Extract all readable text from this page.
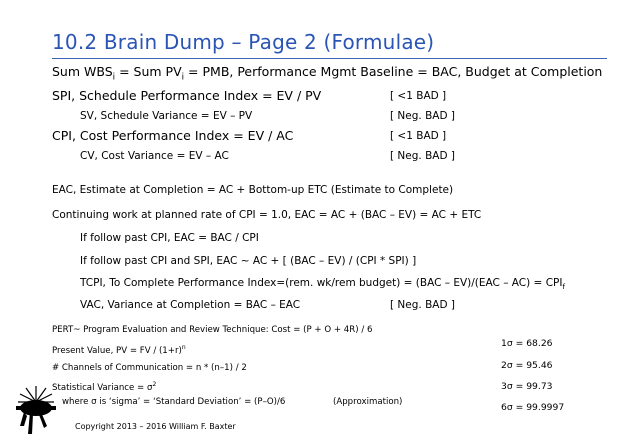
10.2 Brain Dump – Page 2 (Formulae)
Sum $WBS_i$ = Sum $PV_i$ = PMB, Performance Mgmt Baseline = BAC, Budget at Completion
SPI, Schedule Performance Index = EV / PV	[ <1 BAD ]
SV, Schedule Variance = EV – PV	[ Neg. BAD ]
CPI, Cost Performance Index = EV / AC	[ <1 BAD ]
CV, Cost Variance = EV – AC	[ Neg. BAD ]
EAC, Estimate at Completion = AC + Bottom-up ETC (Estimate to Complete)
Continuing work at planned rate of CPI = 1.0, EAC = AC + (BAC – EV) = AC + ETC
If follow past CPI, EAC = BAC / CPI
If follow past CPI and SPI, EAC ~ AC + [ (BAC – EV) / (CPI * SPI) ]
TCPI, To Complete Performance Index=(rem. wk/rem budget) = $(BAC - EV)/(EAC - AC) = CPI_f$
VAC, Variance at Completion = BAC – EAC	[ Neg. BAD ]
PERT~ Program Evaluation and Review Technique: Cost = (P + O + 4R) / 6
Present Value, PV = FV / $(1+r)^n$
# Channels of Communication = n * (n–1) / 2
Statistical Variance = $\sigma^2$
where σ is ‘sigma’ = ‘Standard Deviation’ = (P–O)/6	(Approximation)
1σ = 68.26
2σ = 95.46
3σ = 99.73
6σ = 99.9997
Copyright 2013 – 2016 William F. Baxter
